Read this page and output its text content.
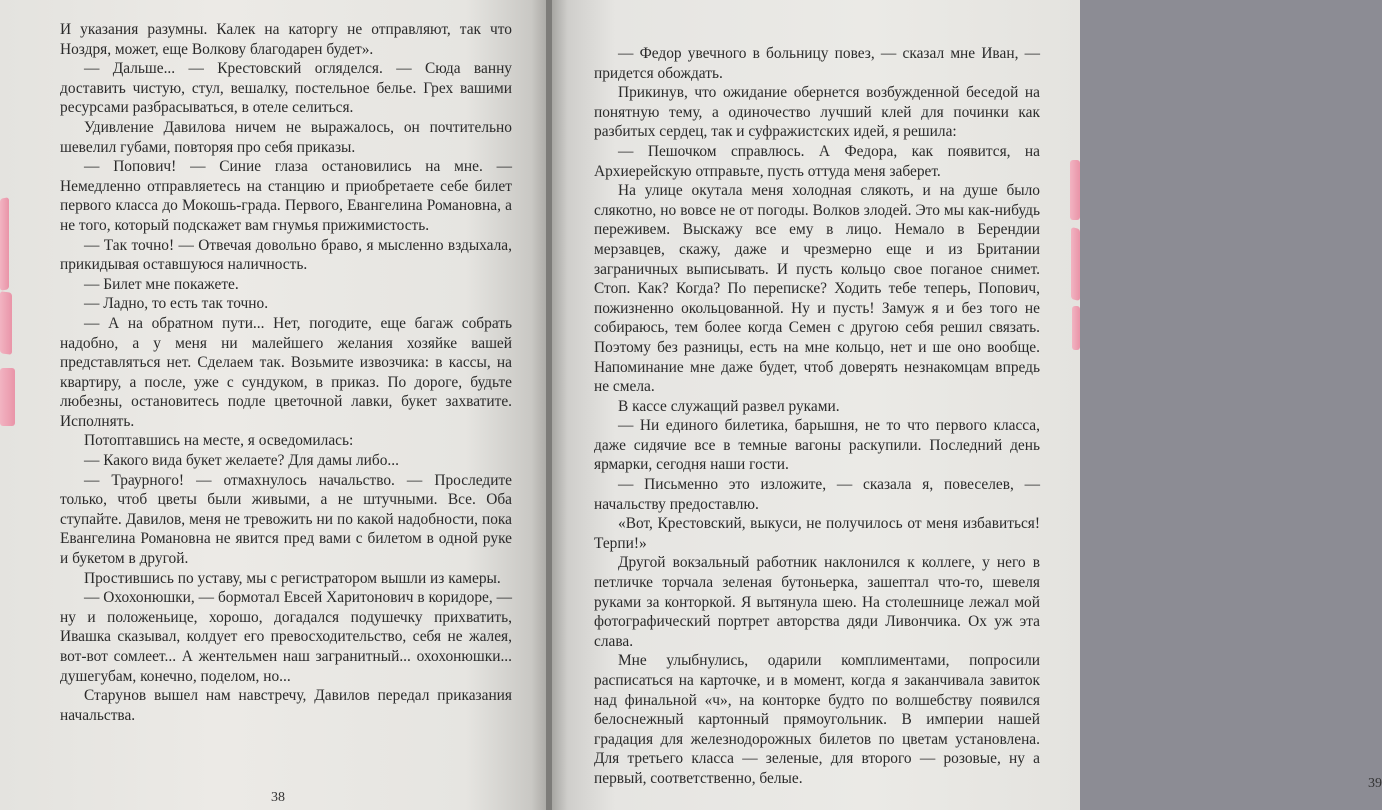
И указания разумны. Калек на каторгу не отправляют, так что Ноздря, может, еще Волкову благодарен будет».

— Дальше... — Крестовский огляделся. — Сюда ванну доставить чистую, стул, вешалку, постельное белье. Грех вашими ресурсами разбрасываться, в отеле селиться.

Удивление Давилова ничем не выражалось, он почтительно шевелил губами, повторяя про себя приказы.

— Попович! — Синие глаза остановились на мне. — Немедленно отправляетесь на станцию и приобретаете себе билет первого класса до Мокошь-града. Первого, Евангелина Романовна, а не того, который подскажет вам гнумья прижимистость.

— Так точно! — Отвечая довольно браво, я мысленно вздыхала, прикидывая оставшуюся наличность.

— Билет мне покажете.

— Ладно, то есть так точно.

— А на обратном пути... Нет, погодите, еще багаж собрать надобно, а у меня ни малейшего желания хозяйке вашей представляться нет. Сделаем так. Возьмите извозчика: в кассы, на квартиру, а после, уже с сундуком, в приказ. По дороге, будьте любезны, остановитесь подле цветочной лавки, букет захватите. Исполнять.

Потоптавшись на месте, я осведомилась:

— Какого вида букет желаете? Для дамы либо...

— Траурного! — отмахнулось начальство. — Проследите только, чтоб цветы были живыми, а не штучными. Все. Оба ступайте. Давилов, меня не тревожить ни по какой надобности, пока Евангелина Романовна не явится пред вами с билетом в одной руке и букетом в другой.

Простившись по уставу, мы с регистратором вышли из камеры.

— Охохонюшки, — бормотал Евсей Харитонович в коридоре, — ну и положеньице, хорошо, догадался подушечку прихватить, Ивашка сказывал, колдует его превосходительство, себя не жалея, вот-вот сомлеет... А жентельмен наш загранитный... охохонюшки... душегубам, конечно, поделом, но...

Старунов вышел нам навстречу, Давилов передал приказания начальства.

38
39

— Федор увечного в больницу повез, — сказал мне Иван, — придется обождать.

Прикинув, что ожидание обернется возбужденной беседой на понятную тему, а одиночество лучший клей для починки как разбитых сердец, так и суфражистских идей, я решила:

— Пешочком справлюсь. А Федора, как появится, на Архиерейскую отправьте, пусть оттуда меня заберет.

На улице окутала меня холодная слякоть, и на душе было слякотно, но вовсе не от погоды. Волков злодей. Это мы как-нибудь переживем. Выскажу все ему в лицо. Немало в Берендии мерзавцев, скажу, даже и чрезмерно еще и из Британии заграничных выписывать. И пусть кольцо свое поганое снимет. Стоп. Как? Когда? По переписке? Ходить тебе теперь, Попович, пожизненно окольцованной. Ну и пусть! Замуж я и без того не собираюсь, тем более когда Семен с другою себя решил связать. Поэтому без разницы, есть на мне кольцо, нет и ше оно вообще. Напоминание мне даже будет, чтоб доверять незнакомцам впредь не смела.

В кассе служащий развел руками.

— Ни единого билетика, барышня, не то что первого класса, даже сидячие все в темные вагоны раскупили. Последний день ярмарки, сегодня наши гости.

— Письменно это изложите, — сказала я, повеселев, — начальству предоставлю.

«Вот, Крестовский, выкуси, не получилось от меня избавиться! Терпи!»

Другой вокзальный работник наклонился к коллеге, у него в петличке торчала зеленая бутоньерка, зашептал что-то, шевеля руками за конторкой. Я вытянула шею. На столешнице лежал мой фотографический портрет авторства дяди Ливончика. Ох уж эта слава.

Мне улыбнулись, одарили комплиментами, попросили расписаться на карточке, и в момент, когда я заканчивала завиток над финальной «ч», на конторке будто по волшебству появился белоснежный картонный прямоугольник. В империи нашей градация для железнодорожных билетов по цветам установлена. Для третьего класса — зеленые, для второго — розовые, ну а первый, соответственно, белые.
